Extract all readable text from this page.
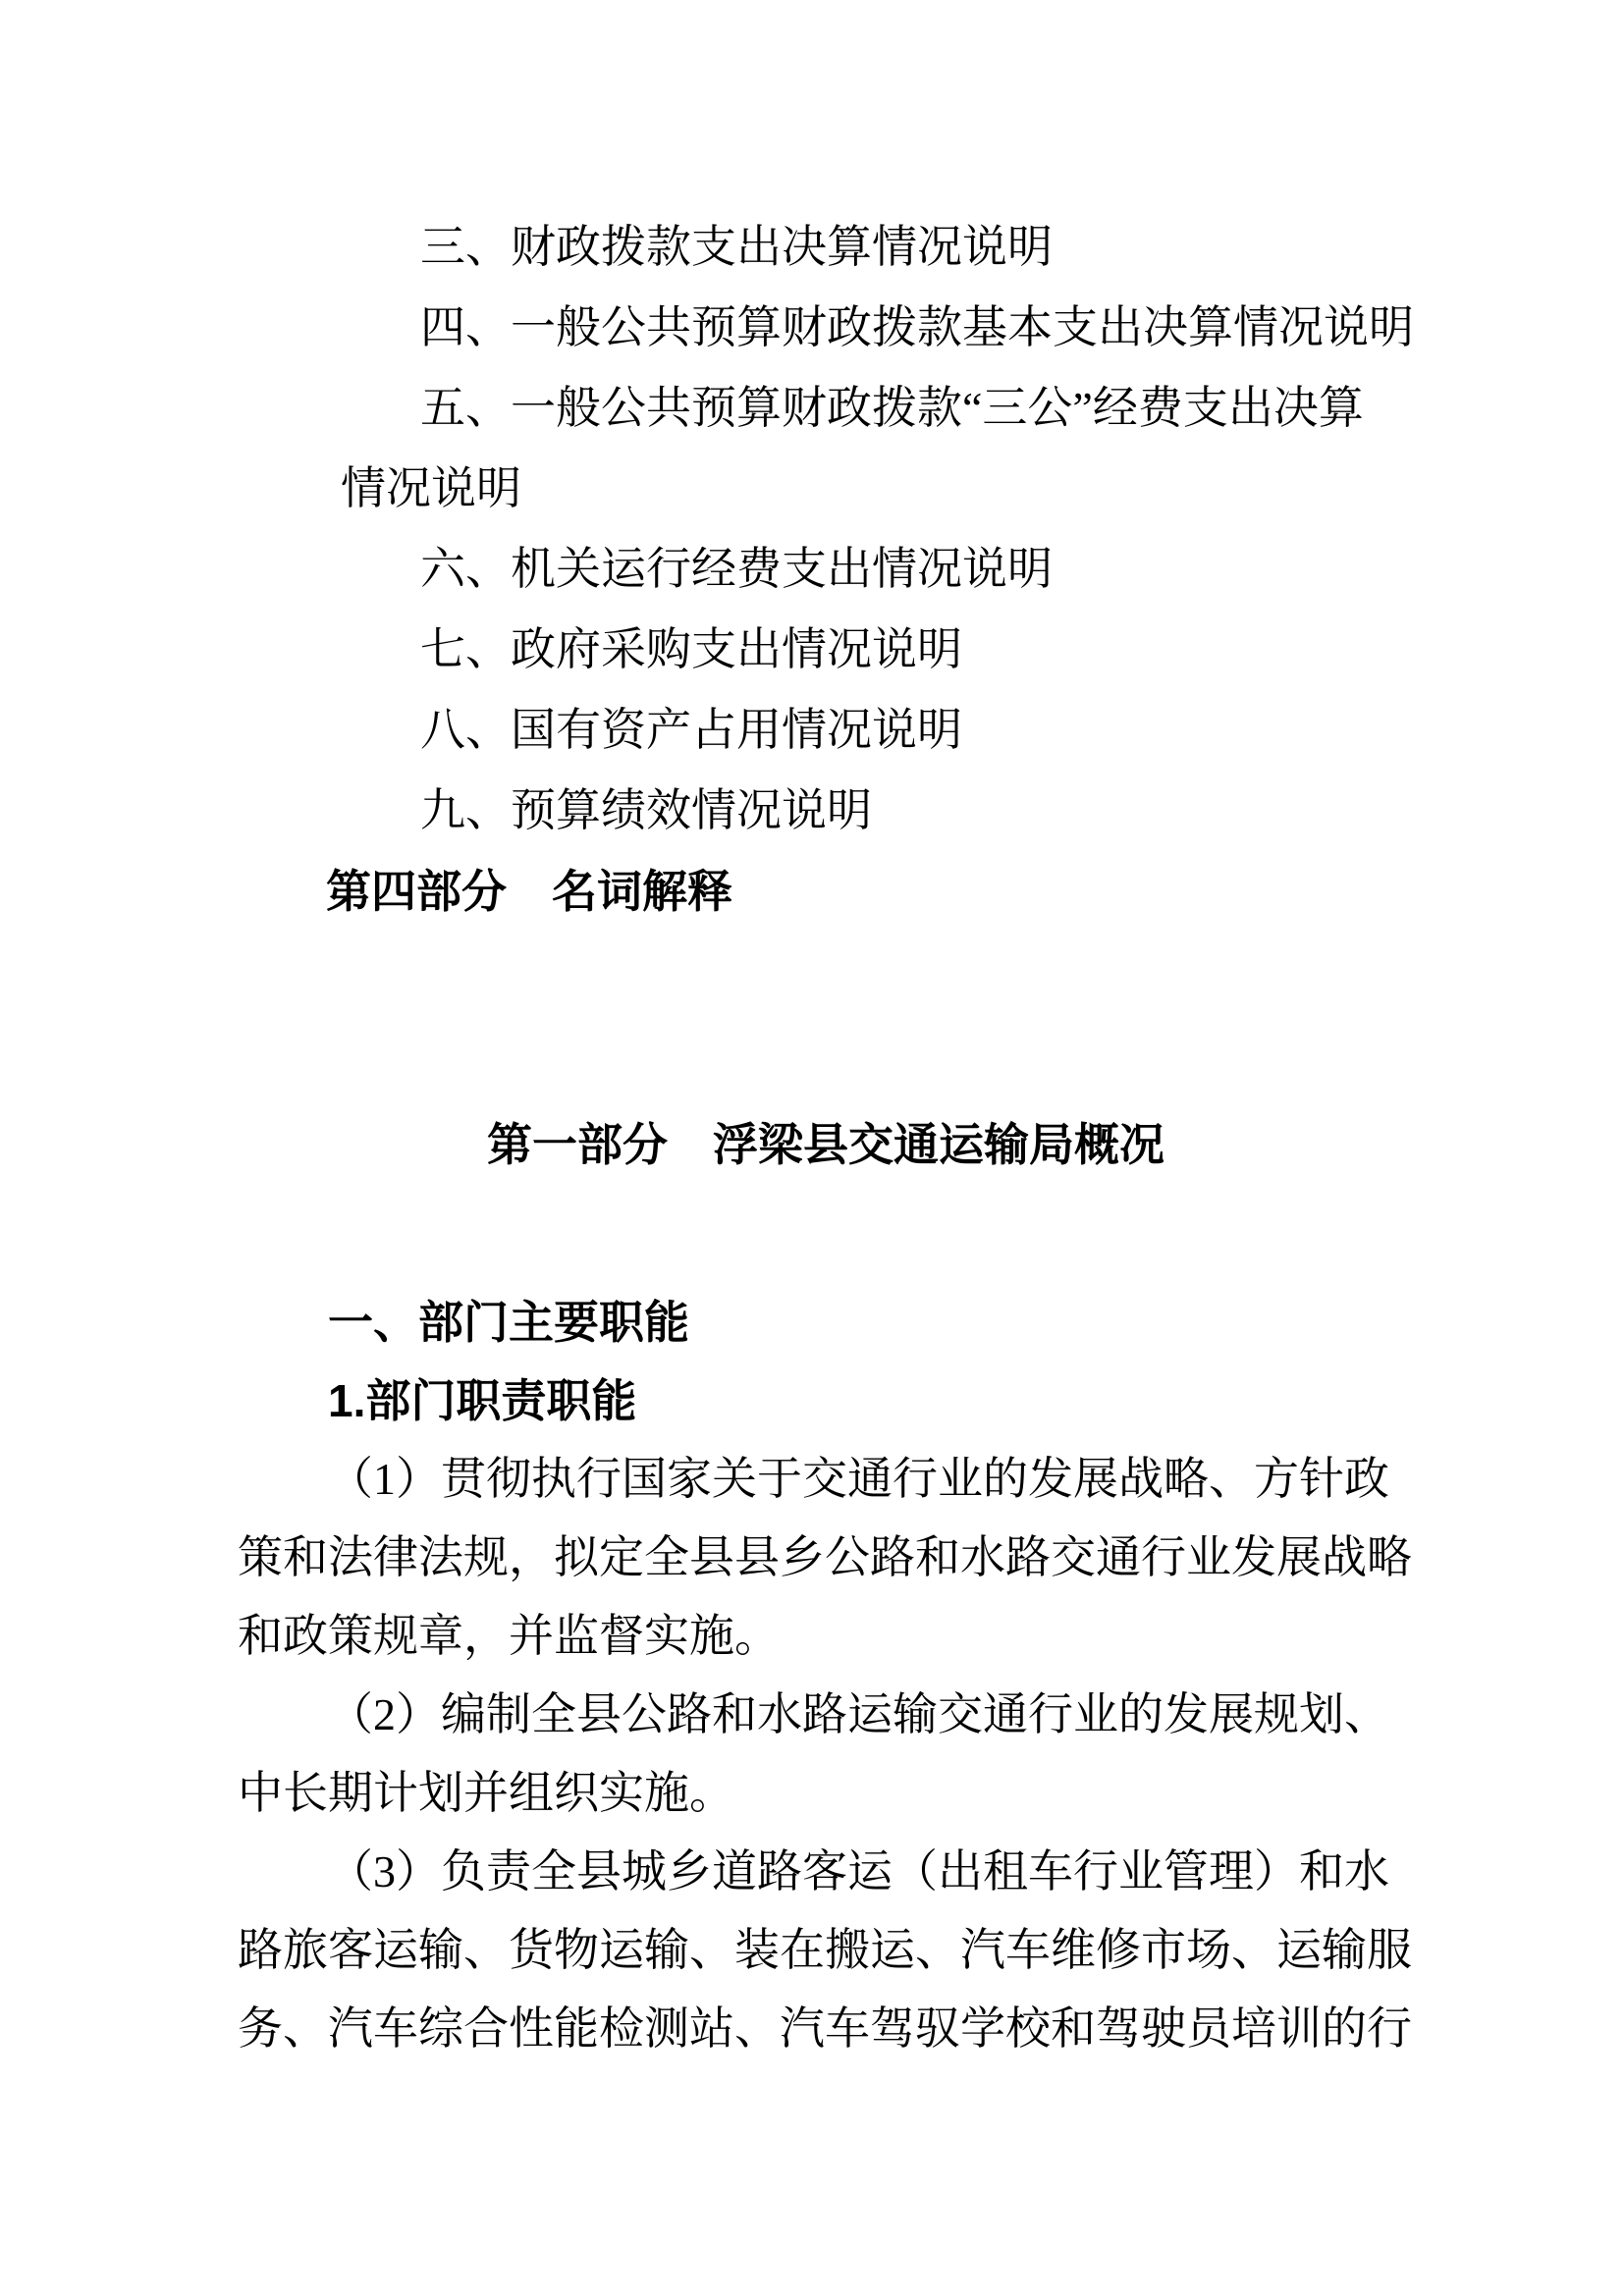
三、财政拨款支出决算情况说明
四、一般公共预算财政拨款基本支出决算情况说明
五、一般公共预算财政拨款“三公”经费支出决算
情况说明
六、机关运行经费支出情况说明
七、政府采购支出情况说明
八、国有资产占用情况说明
九、预算绩效情况说明
第四部分　名词解释
第一部分　浮梁县交通运输局概况
一、部门主要职能
1.部门职责职能
（1）贯彻执行国家关于交通行业的发展战略、方针政
策和法律法规，拟定全县县乡公路和水路交通行业发展战略
和政策规章，并监督实施。
（2）编制全县公路和水路运输交通行业的发展规划、
中长期计划并组织实施。
（3）负责全县城乡道路客运（出租车行业管理）和水
路旅客运输、货物运输、装在搬运、汽车维修市场、运输服
务、汽车综合性能检测站、汽车驾驭学校和驾驶员培训的行
